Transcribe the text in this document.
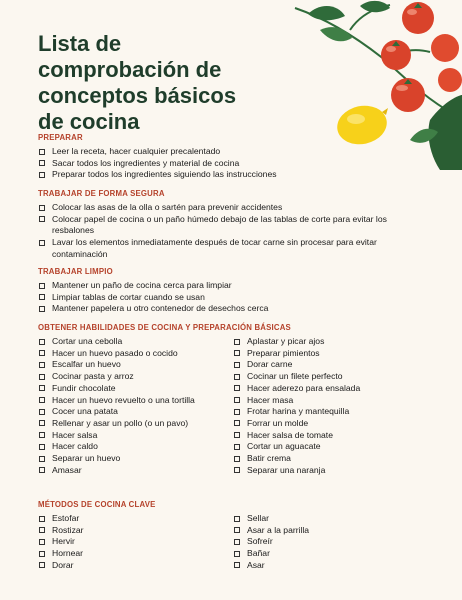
Lista de
comprobación de
conceptos básicos
de cocina
PREPARAR
Leer la receta, hacer cualquier precalentado
Sacar todos los ingredientes y material de cocina
Preparar todos los ingredientes siguiendo las instrucciones
TRABAJAR DE FORMA SEGURA
Colocar las asas de la olla o sartén para prevenir accidentes
Colocar papel de cocina o un paño húmedo debajo de las tablas de corte para evitar los resbalones
Lavar los elementos inmediatamente después de tocar carne sin procesar para evitar contaminación
TRABAJAR LIMPIO
Mantener un paño de cocina cerca para limpiar
Limpiar tablas de cortar cuando se usan
Mantener papelera u otro contenedor de desechos cerca
OBTENER HABILIDADES DE COCINA Y PREPARACIÓN BÁSICAS
Cortar una cebolla
Hacer un huevo pasado o cocido
Escalfar un huevo
Cocinar pasta y arroz
Fundir chocolate
Hacer un huevo revuelto o una tortilla
Cocer una patata
Rellenar y asar un pollo (o un pavo)
Hacer salsa
Hacer caldo
Separar un huevo
Amasar
Aplastar y picar ajos
Preparar pimientos
Dorar carne
Cocinar un filete perfecto
Hacer aderezo para ensalada
Hacer masa
Frotar harina y mantequilla
Forrar un molde
Hacer salsa de tomate
Cortar un aguacate
Batir crema
Separar una naranja
MÉTODOS DE COCINA CLAVE
Estofar
Rostizar
Hervir
Hornear
Dorar
Sellar
Asar a la parrilla
Sofreír
Bañar
Asar
